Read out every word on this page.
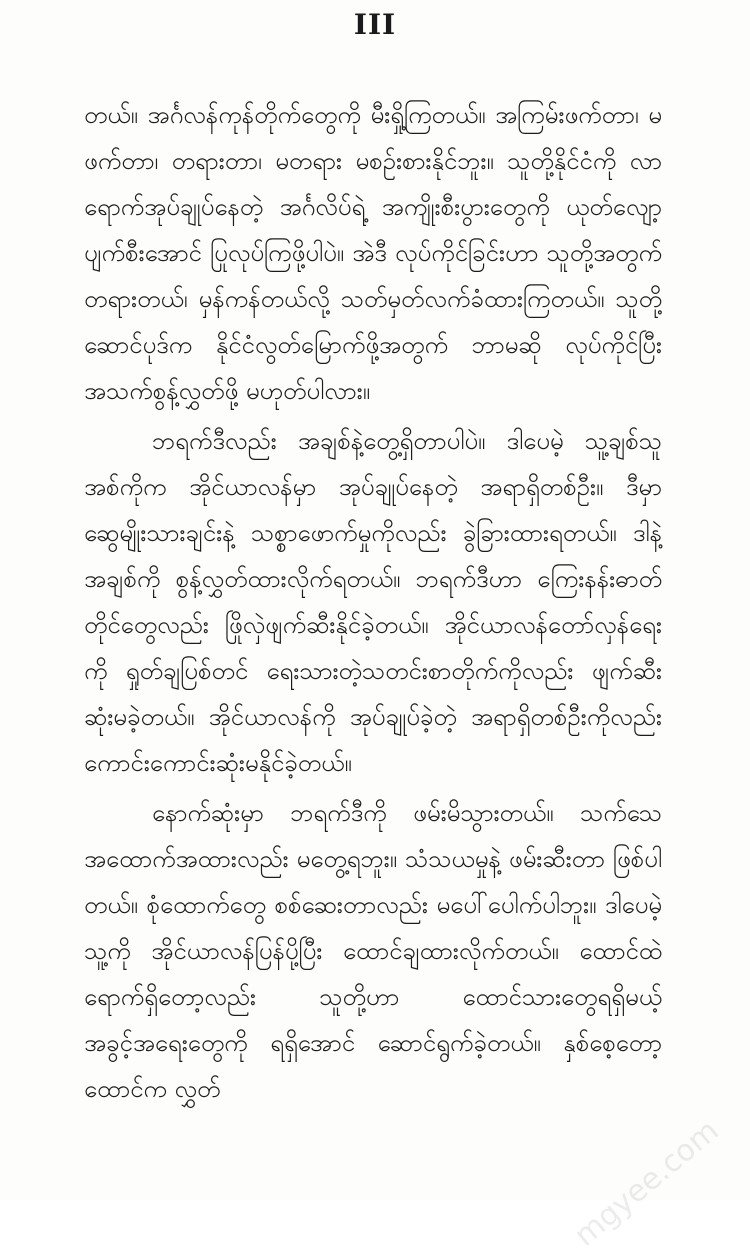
III

တယ်။ အင်္ဂလန်ကုန်တိုက်တွေကို မီးရှို့ကြတယ်။ အကြမ်းဖက်တာ၊ မဖက်တာ၊ တရားတာ၊ မတရား မစဉ်းစားနိုင်ဘူး။ သူတို့နိုင်ငံကို လာရောက်အုပ်ချုပ်နေတဲ့ အင်္ဂလိပ်ရဲ့ အကျိုးစီးပွားတွေကို ယုတ်လျော့ပျက်စီးအောင် ပြုလုပ်ကြဖို့ပါပဲ။ အဲဒီ လုပ်ကိုင်ခြင်းဟာ သူတို့အတွက် တရားတယ်၊ မှန်ကန်တယ်လို့ သတ်မှတ်လက်ခံထားကြတယ်။ သူတို့ ဆောင်ပုဒ်က နိုင်ငံလွတ်မြောက်ဖို့အတွက် ဘာမဆို လုပ်ကိုင်ပြီး အသက်စွန့်လွှတ်ဖို့ မဟုတ်ပါလား။

ဘရက်ဒီလည်း အချစ်နဲ့တွေ့ရှိတာပါပဲ။ ဒါပေမဲ့ သူ့ချစ်သူ အစ်ကိုက အိုင်ယာလန်မှာ အုပ်ချုပ်နေတဲ့ အရာရှိတစ်ဦး။ ဒီမှာ ဆွေမျိုးသားချင်းနဲ့ သစ္စာဖောက်မှုကိုလည်း ခွဲခြားထားရတယ်။ ဒါနဲ့ အချစ်ကို စွန့်လွှတ်ထားလိုက်ရတယ်။ ဘရက်ဒီဟာ ကြေးနန်းဓာတ်တိုင်တွေလည်း ဖြိုလှဲဖျက်ဆီးနိုင်ခဲ့တယ်။ အိုင်ယာလန်တော်လှန်ရေးကို ရှုတ်ချပြစ်တင် ရေးသားတဲ့သတင်းစာတိုက်ကိုလည်း ဖျက်ဆီးဆုံးမခဲ့တယ်။ အိုင်ယာလန်ကို အုပ်ချုပ်ခဲ့တဲ့ အရာရှိတစ်ဦးကိုလည်း ကောင်းကောင်းဆုံးမနိုင်ခဲ့တယ်။

နောက်ဆုံးမှာ ဘရက်ဒီကို ဖမ်းမိသွားတယ်။ သက်သေအထောက်အထားလည်း မတွေ့ရဘူး။ သံသယမှုနဲ့ ဖမ်းဆီးတာ ဖြစ်ပါတယ်။ စုံထောက်တွေ စစ်ဆေးတာလည်း မပေါ်ပေါက်ပါဘူး။ ဒါပေမဲ့ သူ့ကို အိုင်ယာလန်ပြန်ပို့ပြီး ထောင်ချထားလိုက်တယ်။ ထောင်ထဲရောက်ရှိတော့လည်း သူတို့ဟာ ထောင်သားတွေရရှိမယ့် အခွင့်အရေးတွေကို ရရှိအောင် ဆောင်ရွက်ခဲ့တယ်။ နှစ်စေ့တော့ ထောင်က လွှတ်

mgyee.com
